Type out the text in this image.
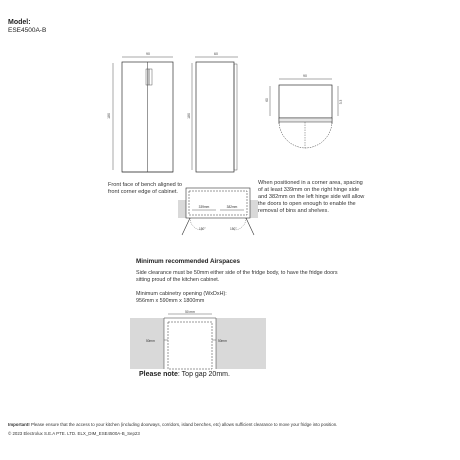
Model:
ESE4500A-B
90
180
60
180
90
60	3.3
Front face of bench aligned to front corner edge of cabinet.
339mm	382mm
150°	150°
When positioned in a corner area, spacing of at least 339mm on the right hinge side and 382mm on the left hinge side will allow the doors to open enough to enable the removal of bins and shelves.
Minimum recommended Airspaces
Side clearance must be 50mm either side of the fridge body, to have the fridge doors sitting proud of the kitchen cabinet.
Minimum cabinetry opening (WxDxH):
956mm x 590mm x 1800mm
50 mm
50mm	50mm
Please note: Top gap 20mm.
Important! Please ensure that the access to your kitchen (including doorways, corridors, island benches, etc) allows sufficient clearance to move your fridge into position.
© 2023 Electrolux S.E.A PTE. LTD. ELX_DIM_ESE4500A-B_Sep23
